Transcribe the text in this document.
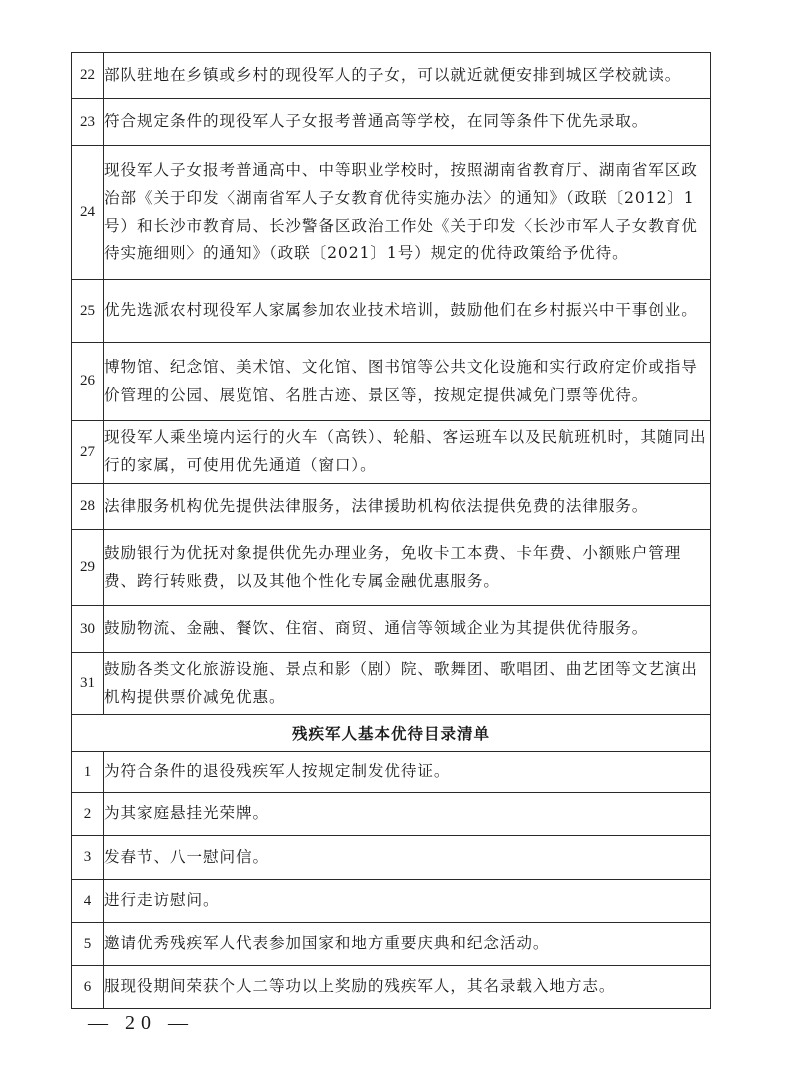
22	部队驻地在乡镇或乡村的现役军人的子女，可以就近就便安排到城区学校就读。
23	符合规定条件的现役军人子女报考普通高等学校，在同等条件下优先录取。
24	现役军人子女报考普通高中、中等职业学校时，按照湖南省教育厅、湖南省军区政治部《关于印发〈湖南省军人子女教育优待实施办法〉的通知》（政联〔2012〕1号）和长沙市教育局、长沙警备区政治工作处《关于印发〈长沙市军人子女教育优待实施细则〉的通知》（政联〔2021〕1号）规定的优待政策给予优待。
25	优先选派农村现役军人家属参加农业技术培训，鼓励他们在乡村振兴中干事创业。
26	博物馆、纪念馆、美术馆、文化馆、图书馆等公共文化设施和实行政府定价或指导价管理的公园、展览馆、名胜古迹、景区等，按规定提供减免门票等优待。
27	现役军人乘坐境内运行的火车（高铁）、轮船、客运班车以及民航班机时，其随同出行的家属，可使用优先通道（窗口）。
28	法律服务机构优先提供法律服务，法律援助机构依法提供免费的法律服务。
29	鼓励银行为优抚对象提供优先办理业务，免收卡工本费、卡年费、小额账户管理费、跨行转账费，以及其他个性化专属金融优惠服务。
30	鼓励物流、金融、餐饮、住宿、商贸、通信等领域企业为其提供优待服务。
31	鼓励各类文化旅游设施、景点和影（剧）院、歌舞团、歌唱团、曲艺团等文艺演出机构提供票价减免优惠。
残疾军人基本优待目录清单	
1	为符合条件的退役残疾军人按规定制发优待证。
2	为其家庭悬挂光荣牌。
3	发春节、八一慰问信。
4	进行走访慰问。
5	邀请优秀残疾军人代表参加国家和地方重要庆典和纪念活动。
6	服现役期间荣获个人二等功以上奖励的残疾军人，其名录载入地方志。
— 20 —
